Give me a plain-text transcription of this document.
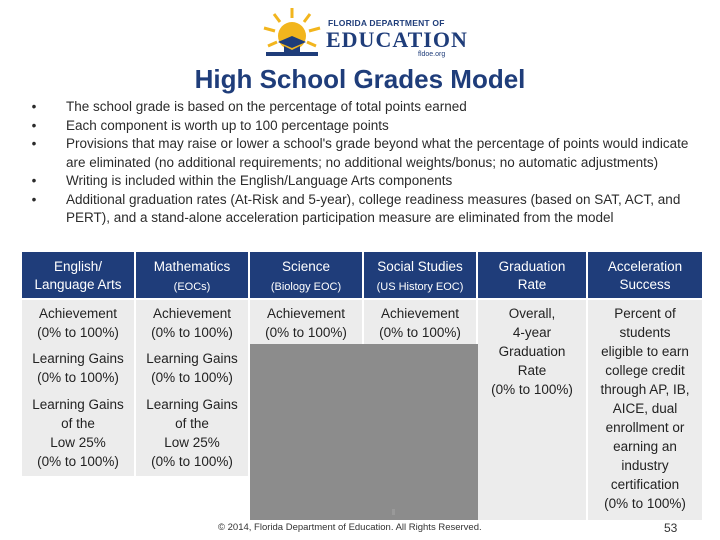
FLORIDA DEPARTMENT OF
EDUCATION
fldoe.org
High School Grades Model
• The school grade is based on the percentage of total points earned
• Each component is worth up to 100 percentage points
• Provisions that may raise or lower a school's grade beyond what the percentage of points would indicate are eliminated (no additional requirements; no additional weights/bonus; no automatic adjustments)
• Writing is included within the English/Language Arts components
• Additional graduation rates (At-Risk and 5-year), college readiness measures (based on SAT, ACT, and PERT), and a stand-alone acceleration participation measure are eliminated from the model
English/
Language Arts
Mathematics
(EOCs)
Science
(Biology EOC)
Social Studies
(US History EOC)
Graduation
Rate
Acceleration
Success
Achievement
(0% to 100%)
Learning Gains
(0% to 100%)
Learning Gains
of the
Low 25%
(0% to 100%)
Achievement
(0% to 100%)
Learning Gains
(0% to 100%)
Learning Gains
of the
Low 25%
(0% to 100%)
Achievement
(0% to 100%)
Achievement
(0% to 100%)
Overall,
4-year
Graduation
Rate
(0% to 100%)
Percent of
students
eligible to earn
college credit
through AP, IB,
AICE, dual
enrollment or
earning an
industry
certification
(0% to 100%)
© 2014, Florida Department of Education. All Rights Reserved.	53
